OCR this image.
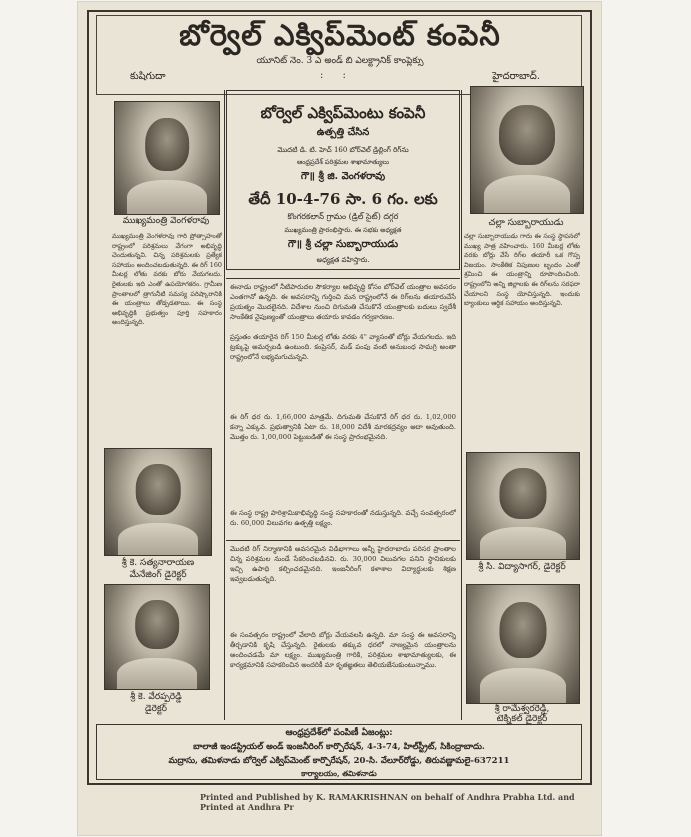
బోర్వెల్ ఎక్విప్‌మెంట్ కంపెనీ
యూనిట్ నెం. 3 ఎ అండ్ బి ఎలక్ట్రానిక్ కాంప్లెక్సు
కుషిగుదా	:      :	హైదరాబాద్.
ముఖ్యమంత్రి వెంగళరావు	చల్లా సుబ్బారాయుడు
బోర్వెల్ ఎక్విప్‌మెంటు కంపెనీ
ఉత్పత్తి చేసిన
మొదటి డి. టి. హెచ్ 160 బోర్‌వెల్ డ్రిల్లింగ్ రిగ్‌ను
ఆంధ్రప్రదేశ్ పరిశ్రమల శాఖామాత్యులు
గౌ॥ శ్రీ జి. వెంగళరావు
తేదీ 10-4-76 సా. 6 గం. లకు
కొంగరకలాన్ గ్రామం (డ్రిల్ సైట్) దగ్గర
ముఖ్యమంత్రి ప్రారంభిస్తారు. ఈ సభకు అధ్యక్షత
గౌ॥ శ్రీ చల్లా సుబ్బారాయుడు
అధ్యక్షత వహిస్తారు.
ముఖ్యమంత్రి వెంగళరావు గారి ప్రోత్సాహంతో రాష్ట్రంలో పరిశ్రమలు వేగంగా అభివృద్ధి చెందుతున్నవి. చిన్న పరిశ్రమలకు ప్రత్యేక సహాయం అందించబడుతున్నది. ఈ రిగ్ 160 మీటర్ల లోతు వరకు బోరు వేయగలదు. రైతులకు ఇది ఎంతో ఉపయోగకరం. గ్రామీణ ప్రాంతాలలో త్రాగునీటి సమస్య పరిష్కారానికి ఈ యంత్రాలు తోడ్పడతాయి. ఈ సంస్థ అభివృద్ధికి ప్రభుత్వం పూర్తి సహకారం అందిస్తున్నది.
చల్లా సుబ్బారాయుడు గారు ఈ సంస్థ స్థాపనలో ముఖ్య పాత్ర వహించారు. 160 మీటర్ల లోతు వరకు బోర్లు వేసే రిగ్‌ల తయారీ ఒక గొప్ప విజయం. సాంకేతిక నిపుణుల బృందం ఎంతో శ్రమించి ఈ యంత్రాన్ని రూపొందించింది. రాష్ట్రంలోని అన్ని జిల్లాలకు ఈ రిగ్‌లను సరఫరా చేయాలని సంస్థ యోచిస్తున్నది. ఇందుకు బ్యాంకులు ఆర్థిక సహాయం అందిస్తున్నవి.
ఈనాడు రాష్ట్రంలో నీటిపారుదల సౌకర్యాల అభివృద్ధి కోసం బోర్‌వెల్ యంత్రాల అవసరం ఎంతగానో ఉన్నది. ఈ అవసరాన్ని గుర్తించి మన రాష్ట్రంలోనే ఈ రిగ్‌లను తయారుచేసే ప్రయత్నం మొదలైనది. విదేశాల నుంచి దిగుమతి చేసుకొనే యంత్రాలకు బదులు స్వదేశీ సాంకేతిక నైపుణ్యంతో యంత్రాలు తయారు కావడం గర్వకారణం.
ప్రస్తుతం తయారైన రిగ్ 150 మీటర్ల లోతు వరకు 4" వ్యాసంతో బోర్లు వేయగలదు. ఇది ట్రక్కుపై అమర్చబడి ఉంటుంది. కంప్రెసర్, మడ్ పంపు వంటి అనుబంధ సామగ్రి అంతా రాష్ట్రంలోనే లభ్యమగుచున్నవి.
ఈ రిగ్ ధర రు. 1,66,000 మాత్రమే. దిగుమతి చేసుకొనే రిగ్ ధర రు. 1,02,000 కన్నా ఎక్కువ. ప్రభుత్వానికి ఏటా రు. 18,000 విదేశీ మారకద్రవ్యం ఆదా అవుతుంది. మొత్తం రు. 1,00,000 పెట్టుబడితో ఈ సంస్థ ప్రారంభమైనది.
ఈ సంస్థ రాష్ట్ర పారిశ్రామికాభివృద్ధి సంస్థ సహకారంతో నడుస్తున్నది. వచ్చే సంవత్సరంలో రు. 60,000 విలువగల ఉత్పత్తి లక్ష్యం.
మొదటి రిగ్ నిర్మాణానికి అవసరమైన విడిభాగాలు అన్నీ హైదరాబాదు పరిసర ప్రాంతాల చిన్న పరిశ్రమల నుండే సేకరించబడినవి. రు. 30,000 విలువగల పనిని స్థానికులకు ఇచ్చి ఉపాధి కల్పించడమైనది. ఇంజనీరింగ్ కళాశాల విద్యార్థులకు శిక్షణ ఇవ్వబడుతున్నది.
ఈ సంవత్సరం రాష్ట్రంలో వేలాది బోర్లు వేయవలసి ఉన్నది. మా సంస్థ ఈ అవసరాన్ని తీర్చడానికి కృషి చేస్తున్నది. రైతులకు తక్కువ ధరలో నాణ్యమైన యంత్రాలను అందించడమే మా లక్ష్యం. ముఖ్యమంత్రి గారికి, పరిశ్రమల శాఖామాత్యులకు, ఈ కార్యక్రమానికి సహకరించిన అందరికీ మా కృతజ్ఞతలు తెలియజేసుకుంటున్నాము.
శ్రీ కె. సత్యనారాయణ
మేనేజింగ్ డైరెక్టర్
శ్రీ కె. వేరప్పరెడ్డి
డైరెక్టర్
శ్రీ సి. విద్యాసాగర్, డైరెక్టర్
శ్రీ రామేశ్వరరెడ్డి,
టెక్నికల్ డైరెక్టర్
ఆంధ్రప్రదేశ్‌లో పంపిణీ ఏజంట్లు:
బాలాజీ ఇండస్ట్రియల్ అండ్ ఇంజనీరింగ్ కార్పొరేషన్, 4-3-74, హిల్‌స్ట్రీట్, సికింద్రాబాదు.
మద్రాసు, తమిళనాడు బోర్వెల్ ఎక్విప్‌మెంట్ కార్పొరేషన్, 20-సి. వేలూర్‌రోడ్డు, తిరువణ్ణామలై-637211
కార్యాలయం, తమిళనాడు
Printed and Published by K. RAMAKRISHNAN on behalf of Andhra Prabha Ltd. and Printed at Andhra Pr
